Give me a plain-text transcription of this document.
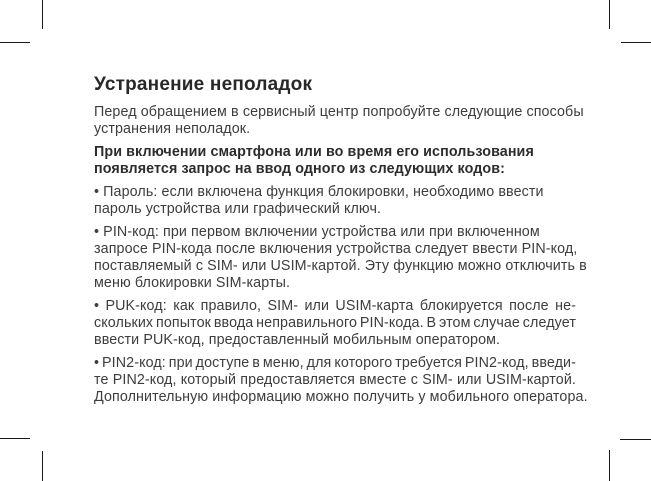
Устранение неполадок
Перед обращением в сервисный центр попробуйте следующие способы
устранения неполадок.
При включении смартфона или во время его использования
появляется запрос на ввод одного из следующих кодов:
• Пароль: если включена функция блокировки, необходимо ввести
пароль устройства или графический ключ.
• PIN-код: при первом включении устройства или при включенном
запросе PIN-кода после включения устройства следует ввести PIN-код,
поставляемый с SIM- или USIM-картой. Эту функцию можно отключить в
меню блокировки SIM-карты.
• PUK-код: как правило, SIM- или USIM-карта блокируется после не-
скольких попыток ввода неправильного PIN-кода. В этом случае следует
ввести PUK-код, предоставленный мобильным оператором.
• PIN2-код: при доступе в меню, для которого требуется PIN2-код, введи-
те PIN2-код, который предоставляется вместе с SIM- или USIM-картой.
Дополнительную информацию можно получить у мобильного оператора.
